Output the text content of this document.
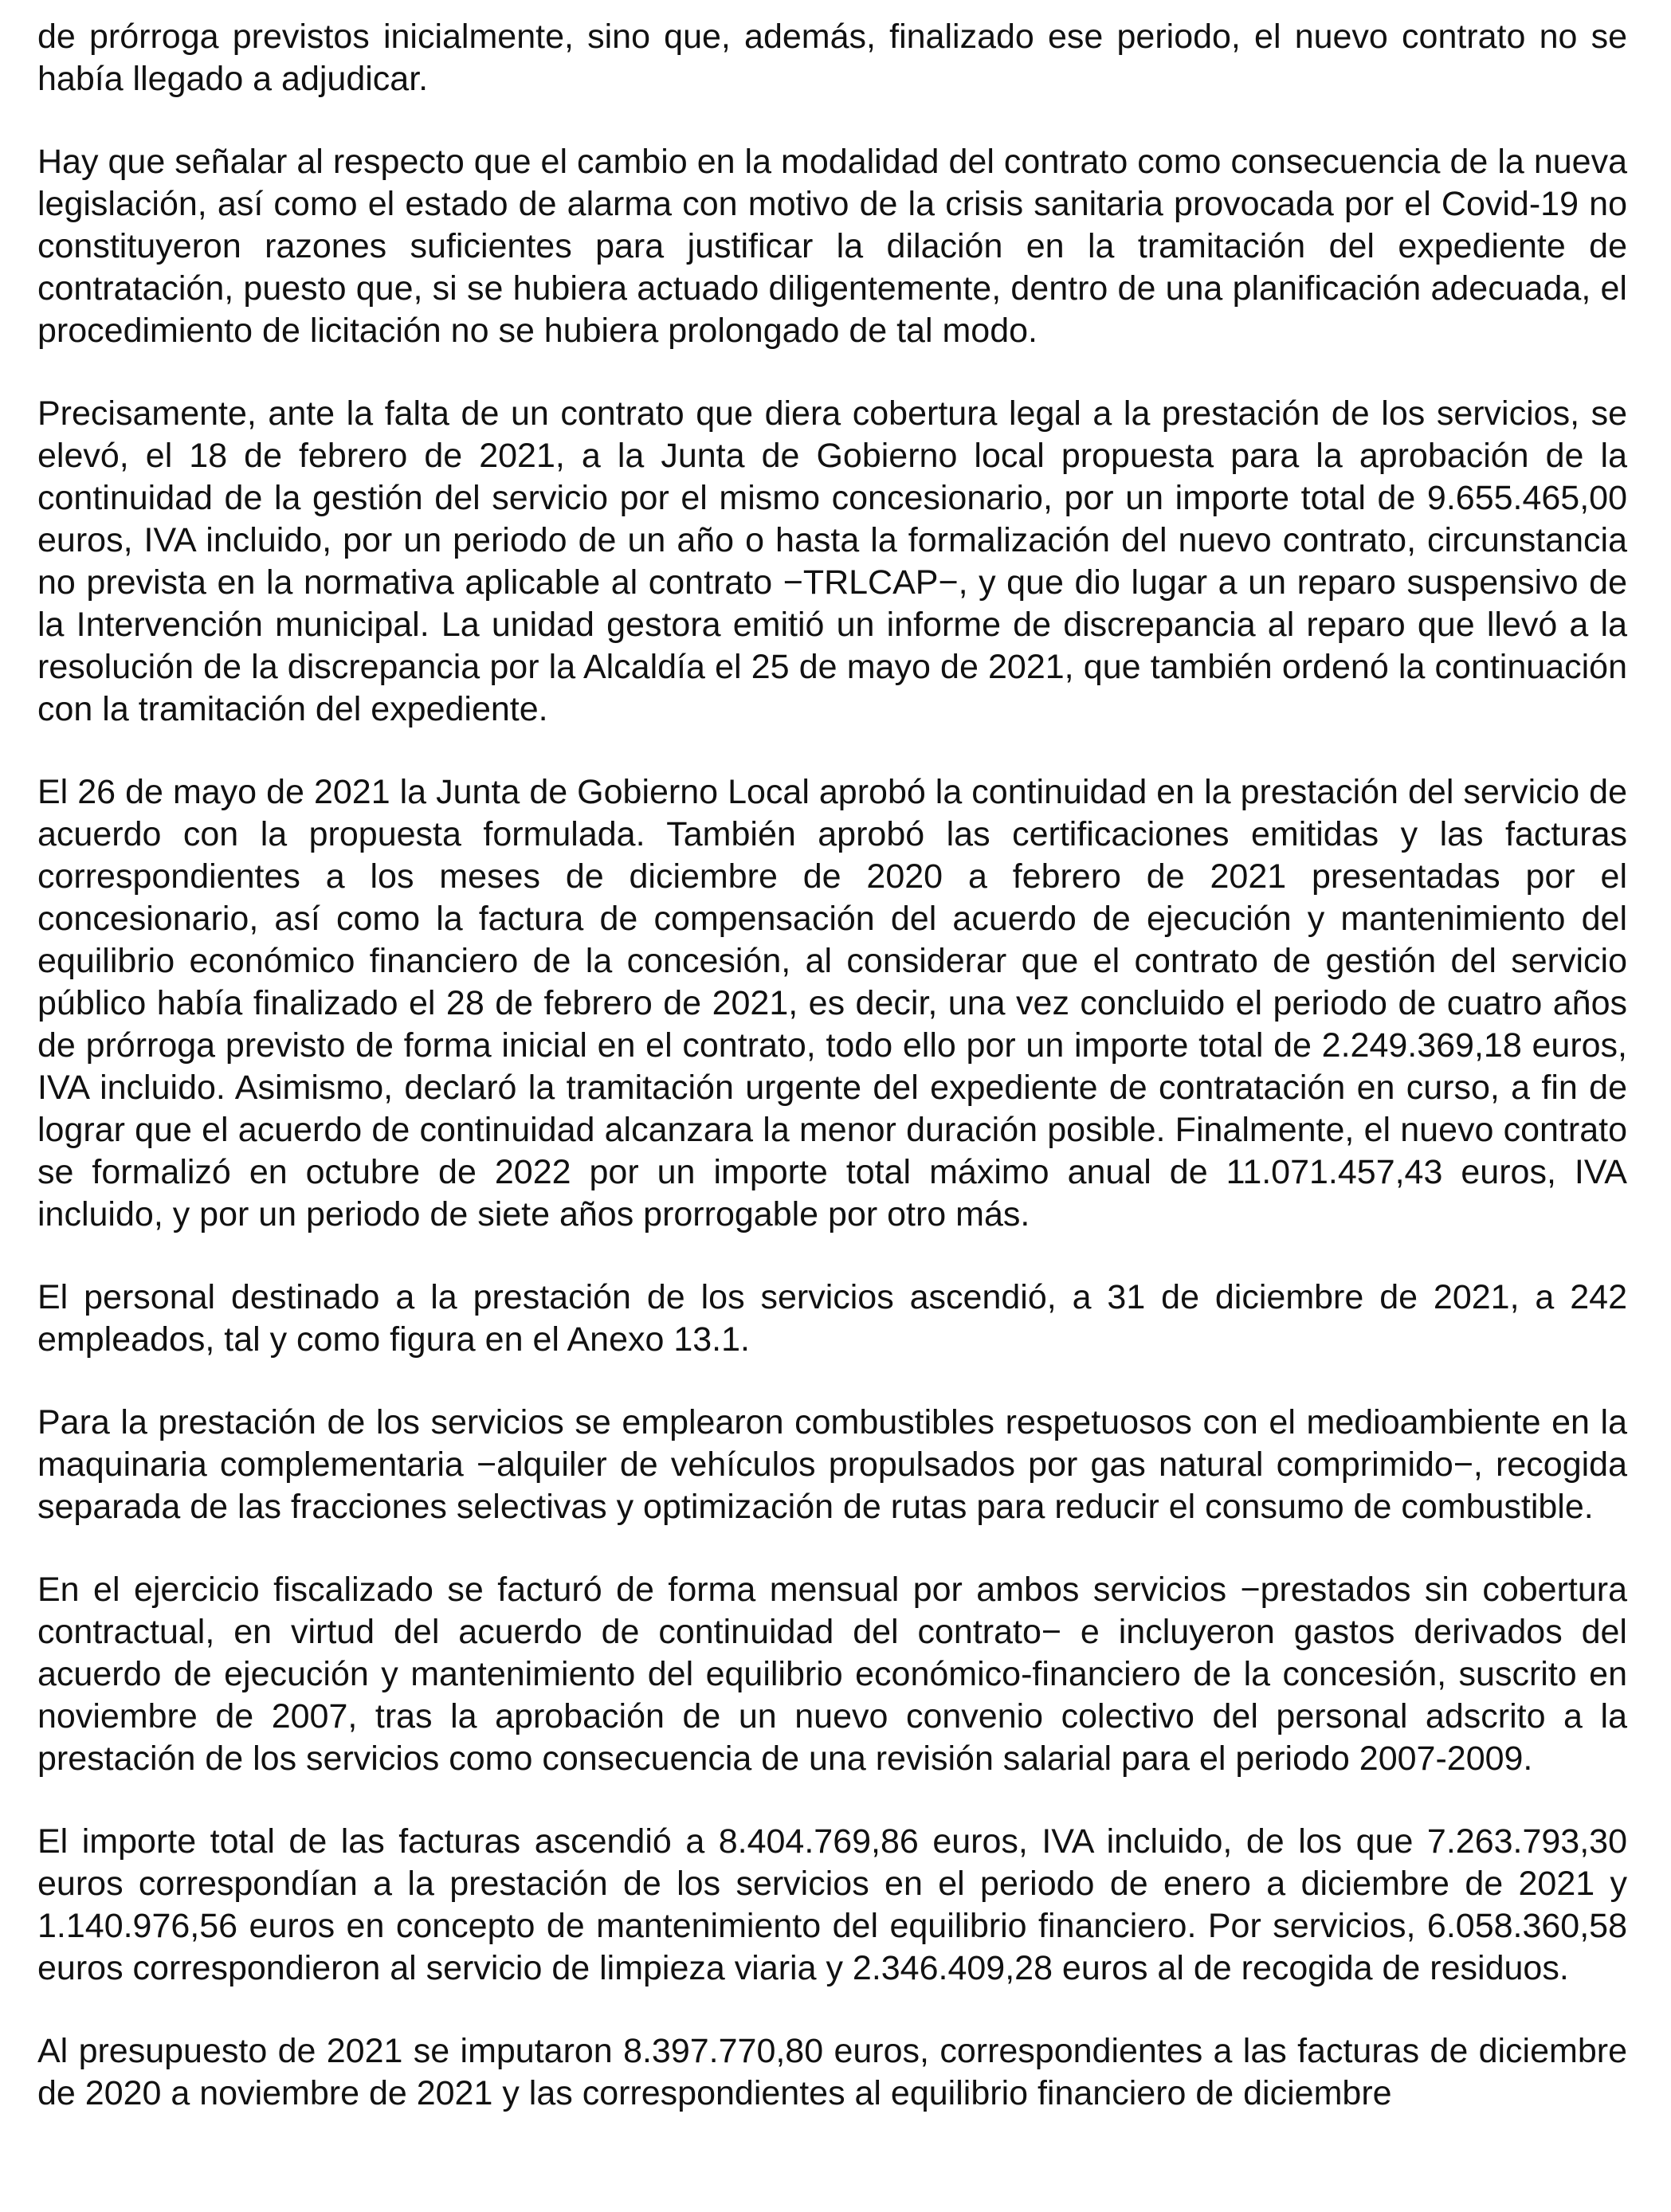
de prórroga previstos inicialmente, sino que, además, finalizado ese periodo, el nuevo contrato no se había llegado a adjudicar.

Hay que señalar al respecto que el cambio en la modalidad del contrato como consecuencia de la nueva legislación, así como el estado de alarma con motivo de la crisis sanitaria provocada por el Covid-19 no constituyeron razones suficientes para justificar la dilación en la tramitación del expediente de contratación, puesto que, si se hubiera actuado diligentemente, dentro de una planificación adecuada, el procedimiento de licitación no se hubiera prolongado de tal modo.

Precisamente, ante la falta de un contrato que diera cobertura legal a la prestación de los servicios, se elevó, el 18 de febrero de 2021, a la Junta de Gobierno local propuesta para la aprobación de la continuidad de la gestión del servicio por el mismo concesionario, por un importe total de 9.655.465,00 euros, IVA incluido, por un periodo de un año o hasta la formalización del nuevo contrato, circunstancia no prevista en la normativa aplicable al contrato −TRLCAP−, y que dio lugar a un reparo suspensivo de la Intervención municipal. La unidad gestora emitió un informe de discrepancia al reparo que llevó a la resolución de la discrepancia por la Alcaldía el 25 de mayo de 2021, que también ordenó la continuación con la tramitación del expediente.

El 26 de mayo de 2021 la Junta de Gobierno Local aprobó la continuidad en la prestación del servicio de acuerdo con la propuesta formulada. También aprobó las certificaciones emitidas y las facturas correspondientes a los meses de diciembre de 2020 a febrero de 2021 presentadas por el concesionario, así como la factura de compensación del acuerdo de ejecución y mantenimiento del equilibrio económico financiero de la concesión, al considerar que el contrato de gestión del servicio público había finalizado el 28 de febrero de 2021, es decir, una vez concluido el periodo de cuatro años de prórroga previsto de forma inicial en el contrato, todo ello por un importe total de 2.249.369,18 euros, IVA incluido. Asimismo, declaró la tramitación urgente del expediente de contratación en curso, a fin de lograr que el acuerdo de continuidad alcanzara la menor duración posible. Finalmente, el nuevo contrato se formalizó en octubre de 2022 por un importe total máximo anual de 11.071.457,43 euros, IVA incluido, y por un periodo de siete años prorrogable por otro más.

El personal destinado a la prestación de los servicios ascendió, a 31 de diciembre de 2021, a 242 empleados, tal y como figura en el Anexo 13.1.

Para la prestación de los servicios se emplearon combustibles respetuosos con el medioambiente en la maquinaria complementaria −alquiler de vehículos propulsados por gas natural comprimido−, recogida separada de las fracciones selectivas y optimización de rutas para reducir el consumo de combustible.

En el ejercicio fiscalizado se facturó de forma mensual por ambos servicios −prestados sin cobertura contractual, en virtud del acuerdo de continuidad del contrato− e incluyeron gastos derivados del acuerdo de ejecución y mantenimiento del equilibrio económico-financiero de la concesión, suscrito en noviembre de 2007, tras la aprobación de un nuevo convenio colectivo del personal adscrito a la prestación de los servicios como consecuencia de una revisión salarial para el periodo 2007-2009.

El importe total de las facturas ascendió a 8.404.769,86 euros, IVA incluido, de los que 7.263.793,30 euros correspondían a la prestación de los servicios en el periodo de enero a diciembre de 2021 y 1.140.976,56 euros en concepto de mantenimiento del equilibrio financiero. Por servicios, 6.058.360,58 euros correspondieron al servicio de limpieza viaria y 2.346.409,28 euros al de recogida de residuos.

Al presupuesto de 2021 se imputaron 8.397.770,80 euros, correspondientes a las facturas de diciembre de 2020 a noviembre de 2021 y las correspondientes al equilibrio financiero de diciembre
